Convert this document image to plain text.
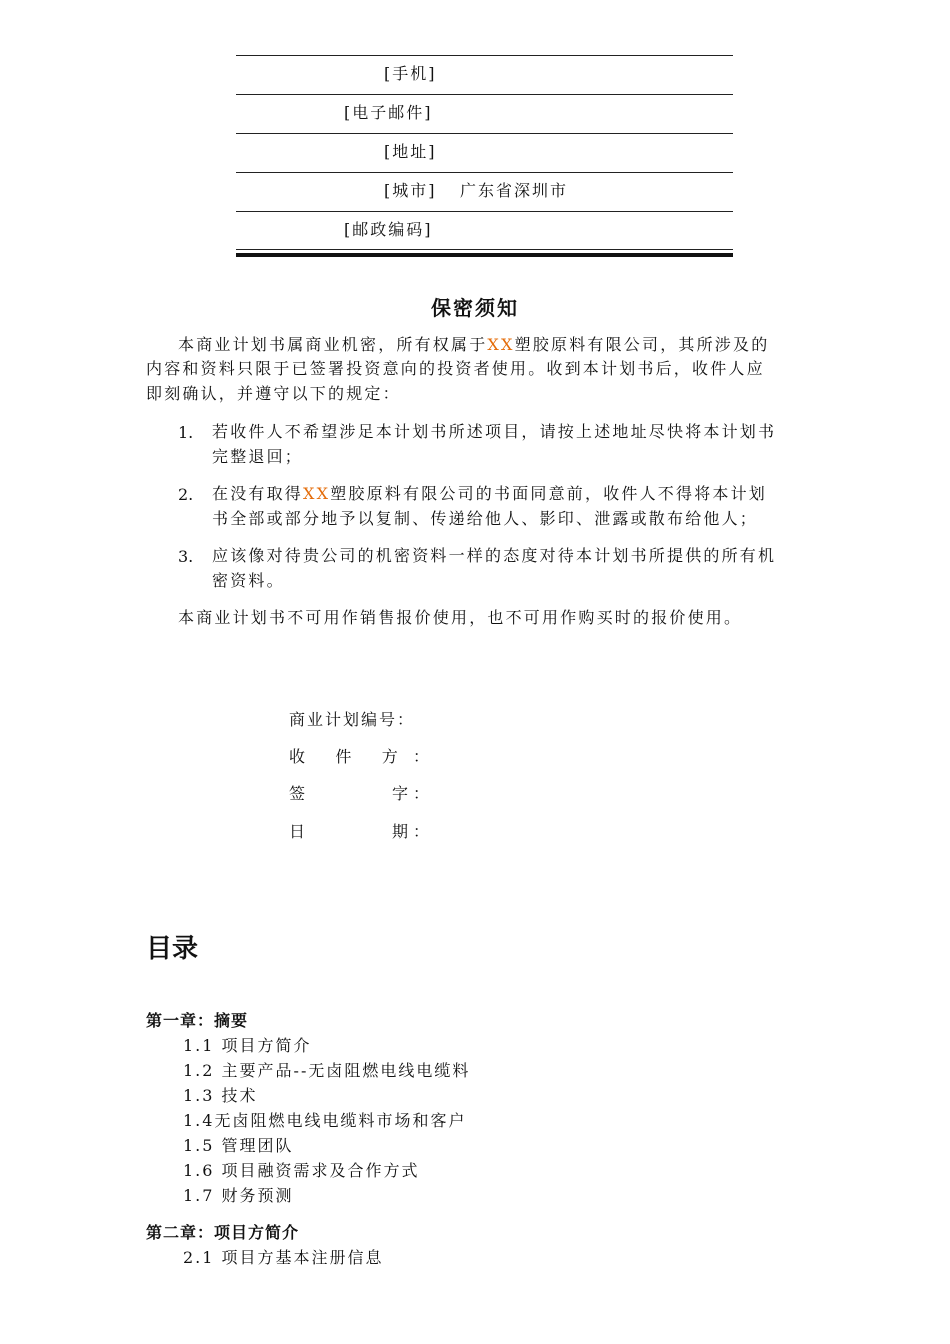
[手机]
[电子邮件]
[地址]
[城市] 广东省深圳市
[邮政编码]
保密须知
本商业计划书属商业机密，所有权属于XX塑胶原料有限公司，其所涉及的
内容和资料只限于已签署投资意向的投资者使用。收到本计划书后，收件人应
即刻确认，并遵守以下的规定：
1. 若收件人不希望涉足本计划书所述项目，请按上述地址尽快将本计划书
完整退回；
2. 在没有取得XX塑胶原料有限公司的书面同意前，收件人不得将本计划
书全部或部分地予以复制、传递给他人、影印、泄露或散布给他人；
3. 应该像对待贵公司的机密资料一样的态度对待本计划书所提供的所有机
密资料。
本商业计划书不可用作销售报价使用，也不可用作购买时的报价使用。
商业计划编号：
收    件    方 ：
签            字 ：
日            期 ：
目录
第一章：摘要
1.1 项目方简介
1.2 主要产品--无卤阻燃电线电缆料
1.3 技术
1.4无卤阻燃电线电缆料市场和客户
1.5 管理团队
1.6 项目融资需求及合作方式
1.7 财务预测
第二章：项目方简介
2.1 项目方基本注册信息
